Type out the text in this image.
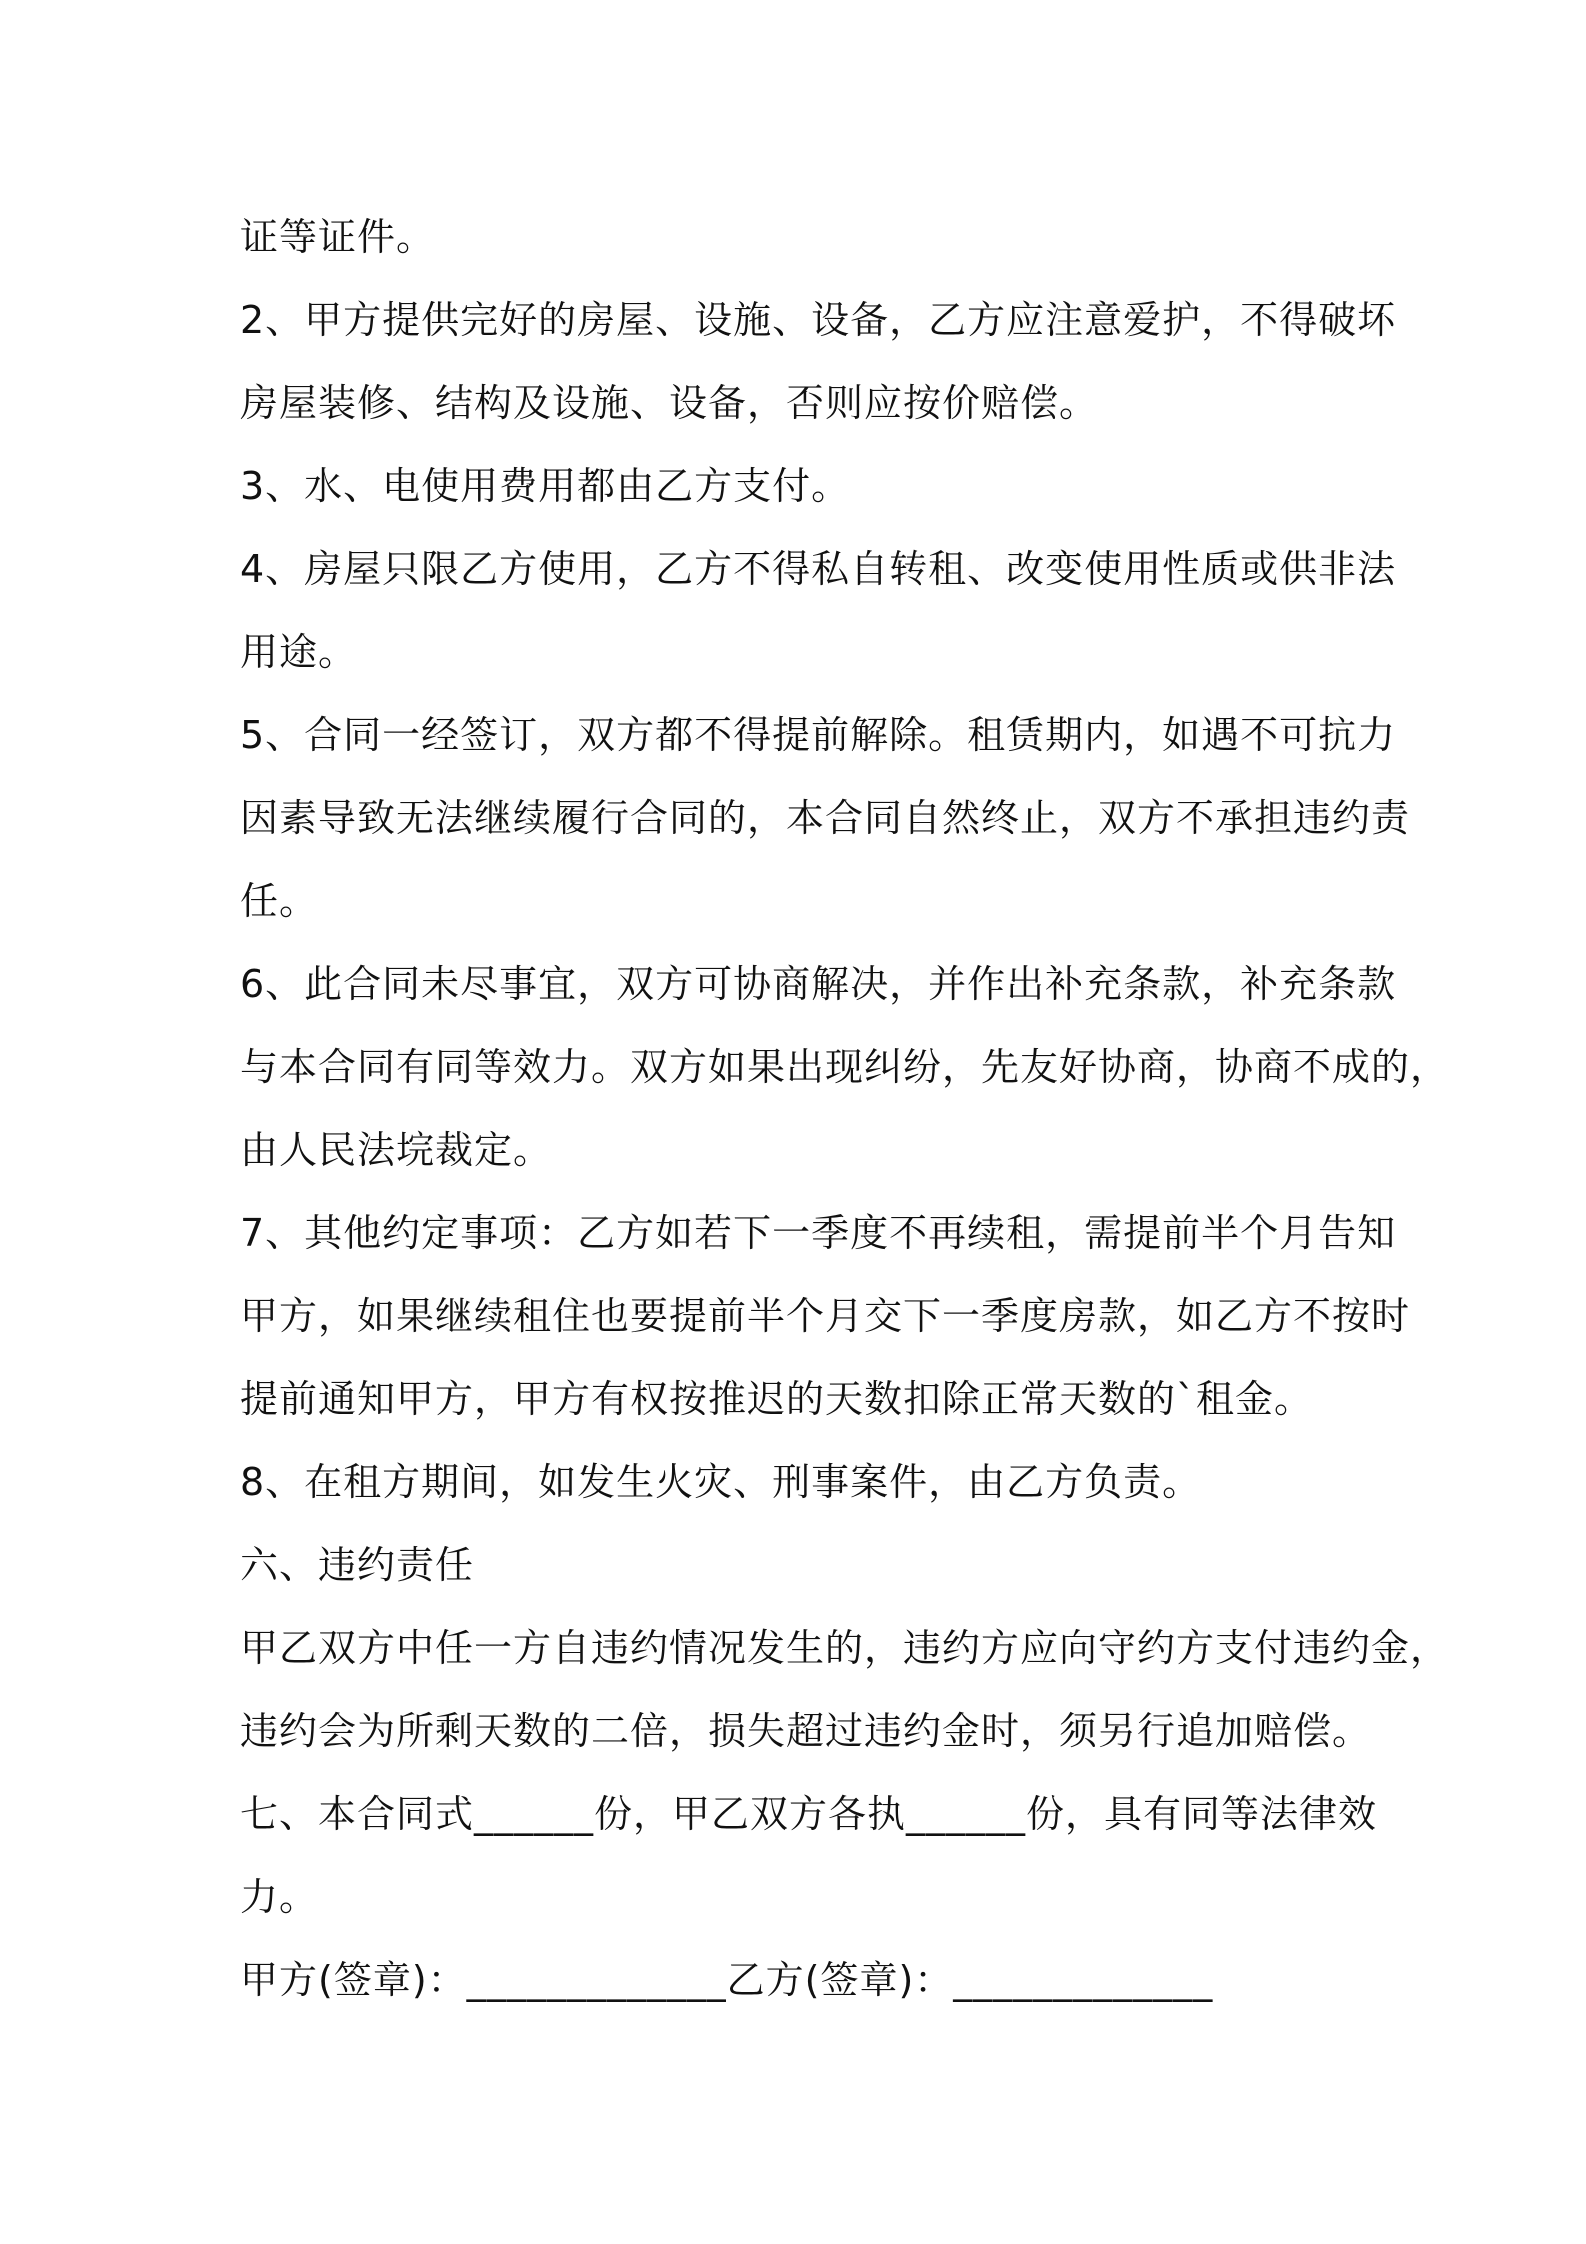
证等证件。
2、甲方提供完好的房屋、设施、设备，乙方应注意爱护，不得破坏
房屋装修、结构及设施、设备，否则应按价赔偿。
3、水、电使用费用都由乙方支付。
4、房屋只限乙方使用，乙方不得私自转租、改变使用性质或供非法
用途。
5、合同一经签订，双方都不得提前解除。租赁期内，如遇不可抗力
因素导致无法继续履行合同的，本合同自然终止，双方不承担违约责
任。
6、此合同未尽事宜，双方可协商解决，并作出补充条款，补充条款
与本合同有同等效力。双方如果出现纠纷，先友好协商，协商不成的，
由人民法垸裁定。
7、其他约定事项：乙方如若下一季度不再续租，需提前半个月告知
甲方，如果继续租住也要提前半个月交下一季度房款，如乙方不按时
提前通知甲方，甲方有权按推迟的天数扣除正常天数的`租金。
8、在租方期间，如发生火灾、刑事案件，由乙方负责。
六、违约责任
甲乙双方中任一方自违约情况发生的，违约方应向守约方支付违约金，
违约会为所剩天数的二倍，损失超过违约金时，须另行追加赔偿。
七、本合同式______份，甲乙双方各执______份，具有同等法律效
力。
甲方(签章)：_____________乙方(签章)：_____________
